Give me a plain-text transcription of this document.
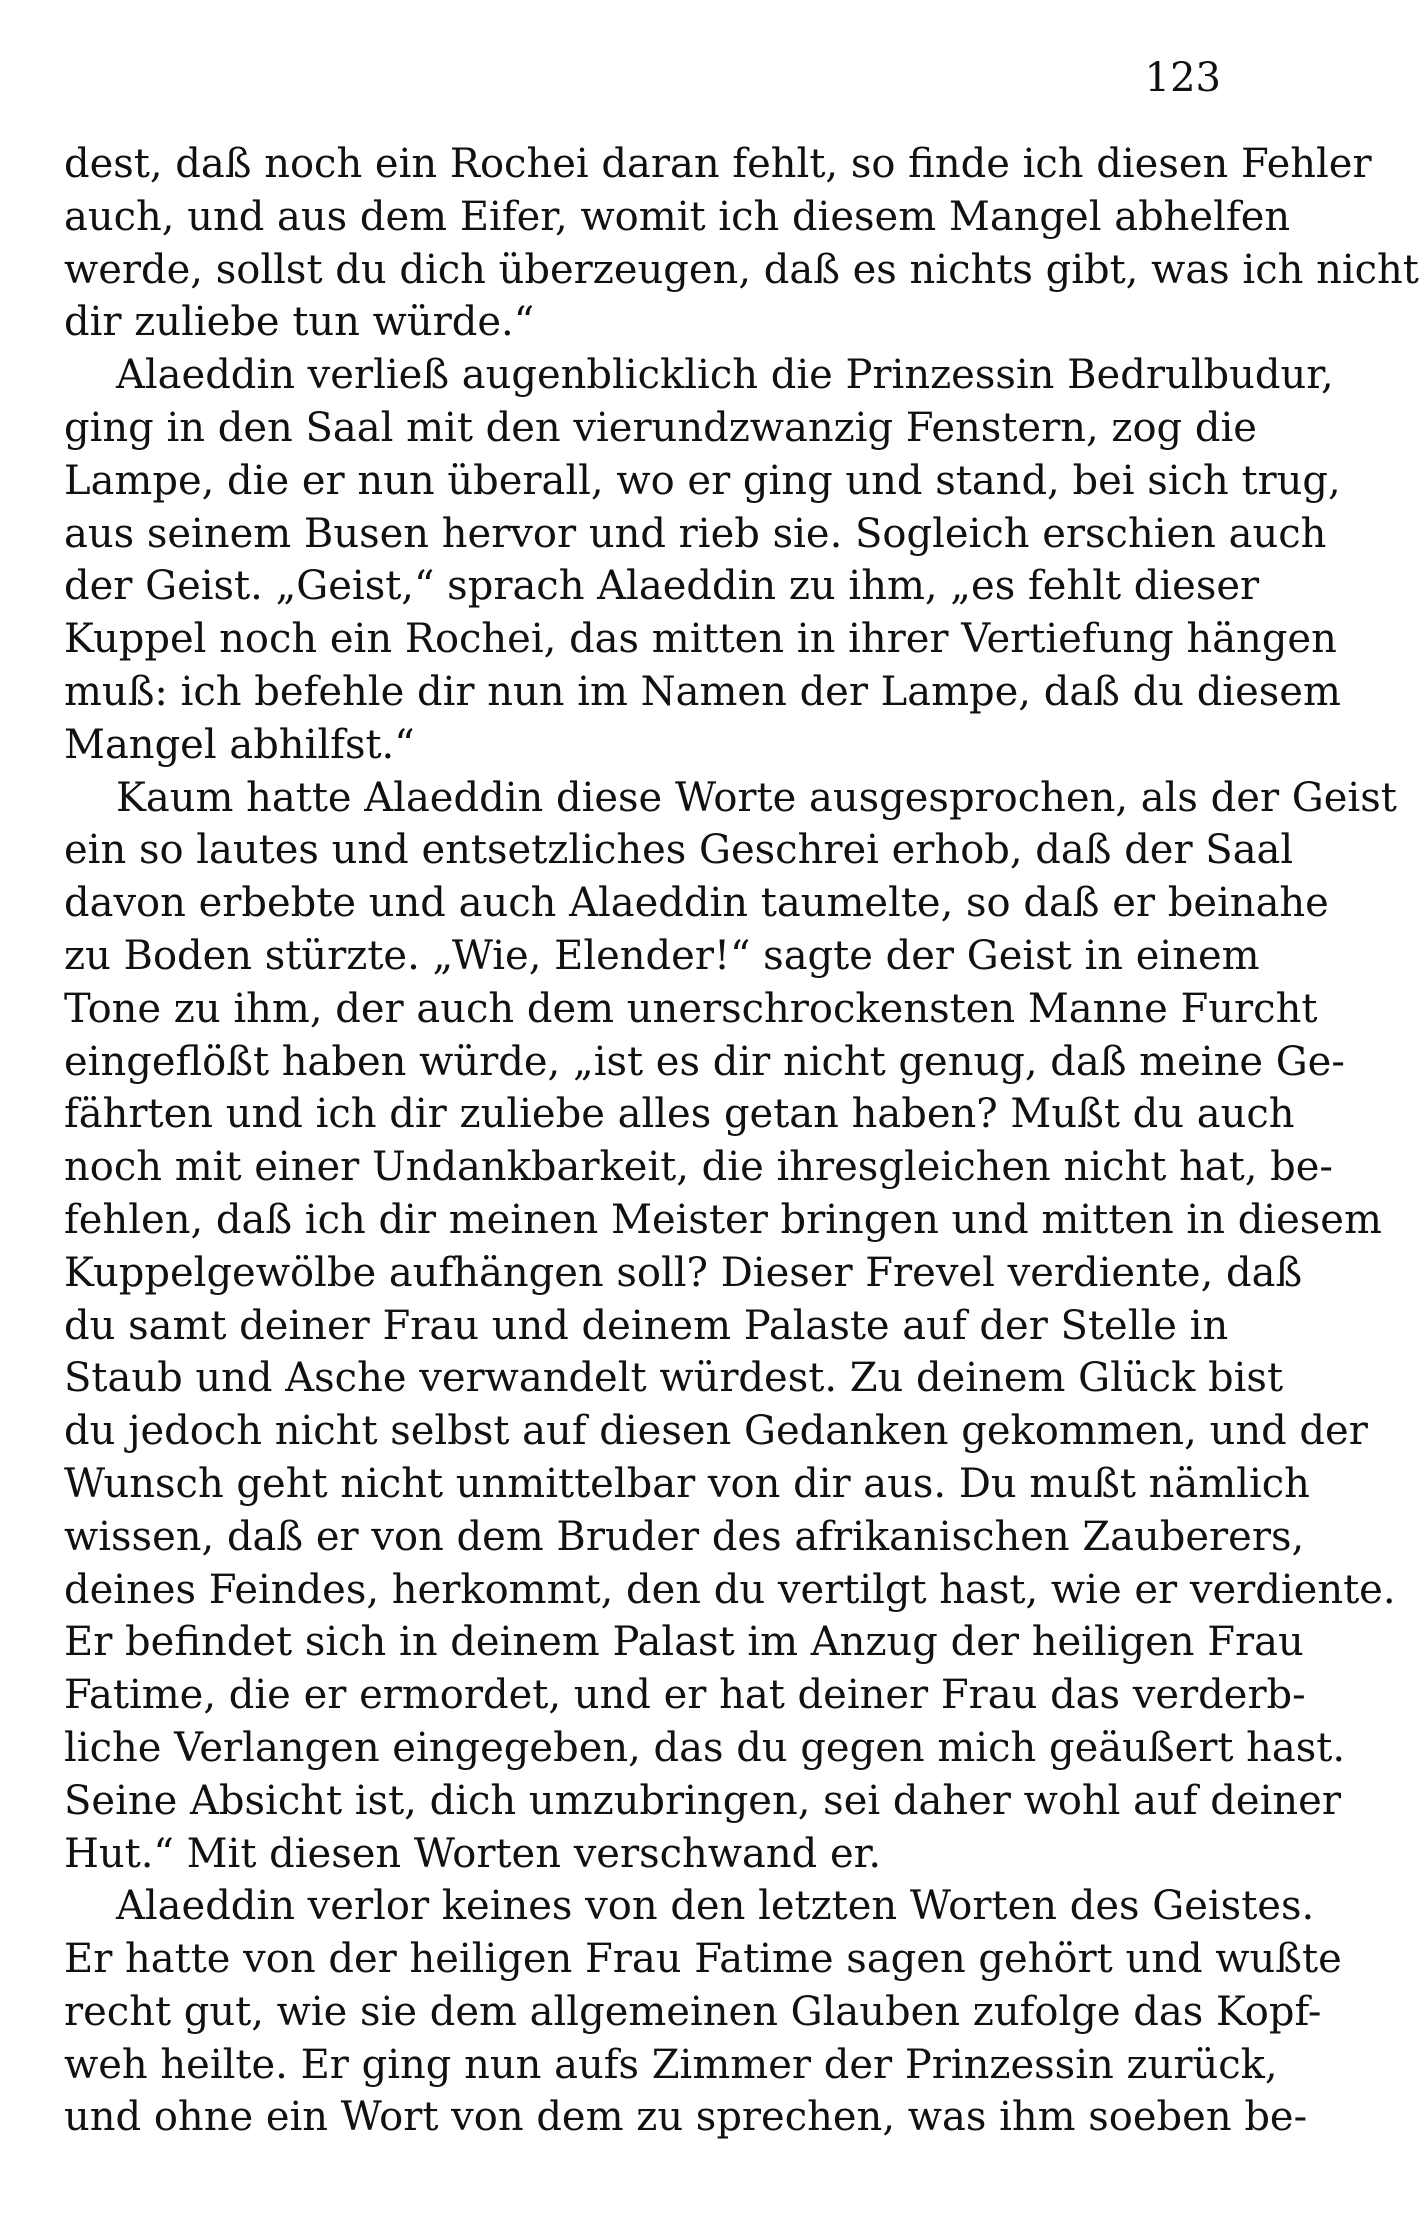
123
dest, daß noch ein Rochei daran fehlt, so finde ich diesen Fehler
auch, und aus dem Eifer, womit ich diesem Mangel abhelfen
werde, sollst du dich überzeugen, daß es nichts gibt, was ich nicht
dir zuliebe tun würde.“
Alaeddin verließ augenblicklich die Prinzessin Bedrulbudur,
ging in den Saal mit den vierundzwanzig Fenstern, zog die
Lampe, die er nun überall, wo er ging und stand, bei sich trug,
aus seinem Busen hervor und rieb sie. Sogleich erschien auch
der Geist. „Geist,“ sprach Alaeddin zu ihm, „es fehlt dieser
Kuppel noch ein Rochei, das mitten in ihrer Vertiefung hängen
muß: ich befehle dir nun im Namen der Lampe, daß du diesem
Mangel abhilfst.“
Kaum hatte Alaeddin diese Worte ausgesprochen, als der Geist
ein so lautes und entsetzliches Geschrei erhob, daß der Saal
davon erbebte und auch Alaeddin taumelte, so daß er beinahe
zu Boden stürzte. „Wie, Elender!“ sagte der Geist in einem
Tone zu ihm, der auch dem unerschrockensten Manne Furcht
eingeflößt haben würde, „ist es dir nicht genug, daß meine Ge-
fährten und ich dir zuliebe alles getan haben? Mußt du auch
noch mit einer Undankbarkeit, die ihresgleichen nicht hat, be-
fehlen, daß ich dir meinen Meister bringen und mitten in diesem
Kuppelgewölbe aufhängen soll? Dieser Frevel verdiente, daß
du samt deiner Frau und deinem Palaste auf der Stelle in
Staub und Asche verwandelt würdest. Zu deinem Glück bist
du jedoch nicht selbst auf diesen Gedanken gekommen, und der
Wunsch geht nicht unmittelbar von dir aus. Du mußt nämlich
wissen, daß er von dem Bruder des afrikanischen Zauberers,
deines Feindes, herkommt, den du vertilgt hast, wie er verdiente.
Er befindet sich in deinem Palast im Anzug der heiligen Frau
Fatime, die er ermordet, und er hat deiner Frau das verderb-
liche Verlangen eingegeben, das du gegen mich geäußert hast.
Seine Absicht ist, dich umzubringen, sei daher wohl auf deiner
Hut.“ Mit diesen Worten verschwand er.
Alaeddin verlor keines von den letzten Worten des Geistes.
Er hatte von der heiligen Frau Fatime sagen gehört und wußte
recht gut, wie sie dem allgemeinen Glauben zufolge das Kopf-
weh heilte. Er ging nun aufs Zimmer der Prinzessin zurück,
und ohne ein Wort von dem zu sprechen, was ihm soeben be-
